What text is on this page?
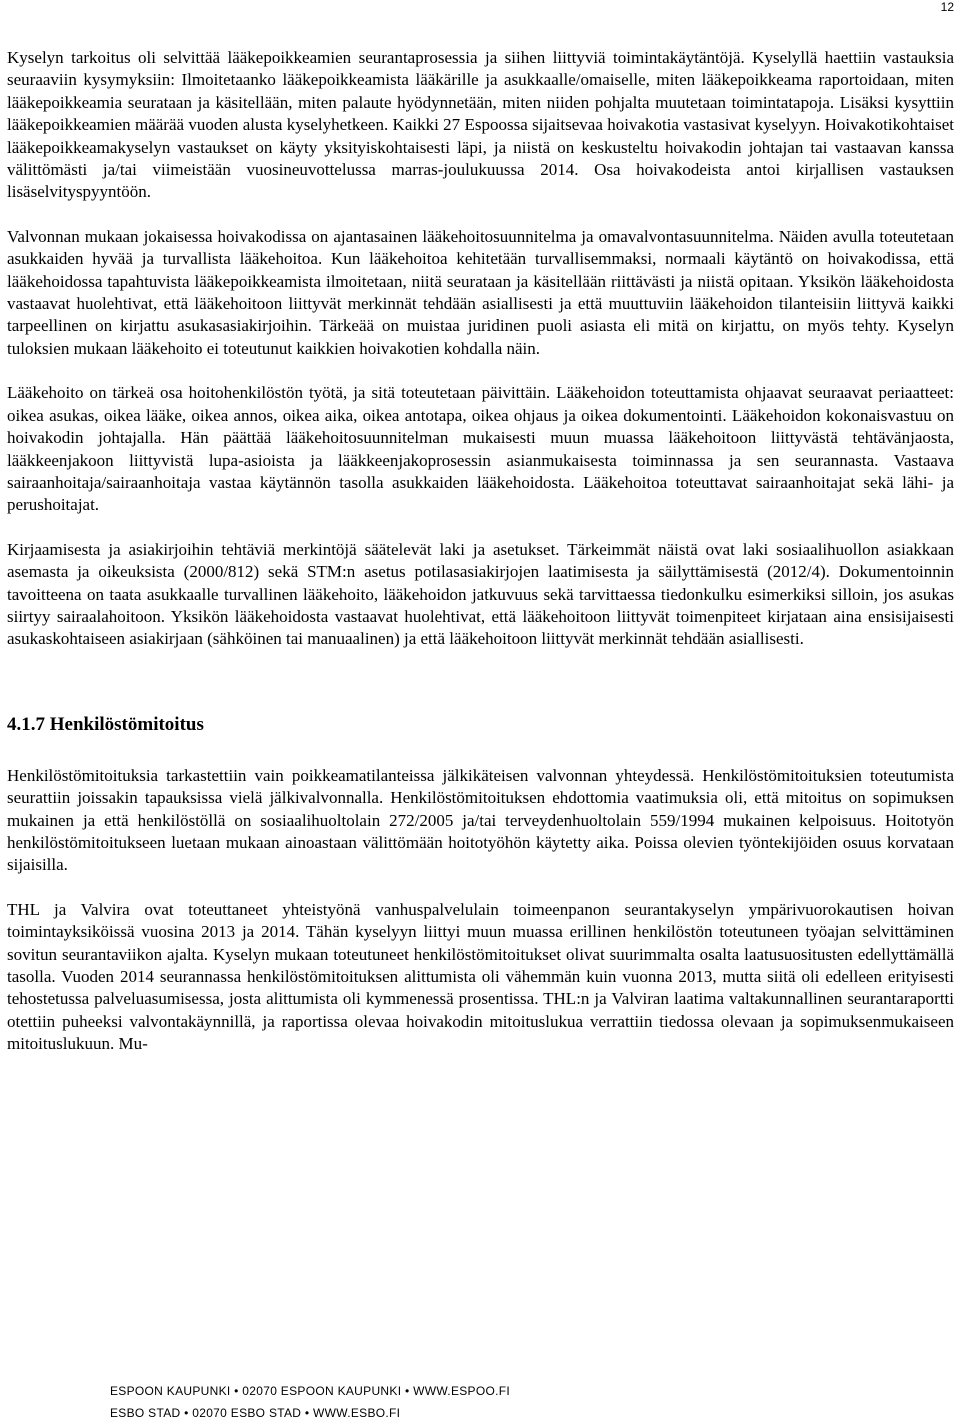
12

Kyselyn tarkoitus oli selvittää lääkepoikkeamien seurantaprosessia ja siihen liittyviä toimintakäytäntöjä. Kyselyllä haettiin vastauksia seuraaviin kysymyksiin: Ilmoitetaanko lääkepoikkeamista lääkärille ja asukkaalle/omaiselle, miten lääkepoikkeama raportoidaan, miten lääkepoikkeamia seurataan ja käsitellään, miten palaute hyödynnetään, miten niiden pohjalta muutetaan toimintatapoja. Lisäksi kysyttiin lääkepoikkeamien määrää vuoden alusta kyselyhetkeen. Kaikki 27 Espoossa sijaitsevaa hoivakotia vastasivat kyselyyn. Hoivakotikohtaiset lääkepoikkeamakyselyn vastaukset on käyty yksityiskohtaisesti läpi, ja niistä on keskusteltu hoivakodin johtajan tai vastaavan kanssa välittömästi ja/tai viimeistään vuosineuvottelussa marras-joulukuussa 2014. Osa hoivakodeista antoi kirjallisen vastauksen lisäselvityspyyntöön.

Valvonnan mukaan jokaisessa hoivakodissa on ajantasainen lääkehoitosuunnitelma ja omavalvontasuunnitelma. Näiden avulla toteutetaan asukkaiden hyvää ja turvallista lääkehoitoa. Kun lääkehoitoa kehitetään turvallisemmaksi, normaali käytäntö on hoivakodissa, että lääkehoidossa tapahtuvista lääkepoikkeamista ilmoitetaan, niitä seurataan ja käsitellään riittävästi ja niistä opitaan. Yksikön lääkehoidosta vastaavat huolehtivat, että lääkehoitoon liittyvät merkinnät tehdään asiallisesti ja että muuttuviin lääkehoidon tilanteisiin liittyvä kaikki tarpeellinen on kirjattu asukasasiakirjoihin. Tärkeää on muistaa juridinen puoli asiasta eli mitä on kirjattu, on myös tehty. Kyselyn tuloksien mukaan lääkehoito ei toteutunut kaikkien hoivakotien kohdalla näin.

Lääkehoito on tärkeä osa hoitohenkilöstön työtä, ja sitä toteutetaan päivittäin. Lääkehoidon toteuttamista ohjaavat seuraavat periaatteet: oikea asukas, oikea lääke, oikea annos, oikea aika, oikea antotapa, oikea ohjaus ja oikea dokumentointi. Lääkehoidon kokonaisvastuu on hoivakodin johtajalla. Hän päättää lääkehoitosuunnitelman mukaisesti muun muassa lääkehoitoon liittyvästä tehtävänjaosta, lääkkeenjakoon liittyvistä lupa-asioista ja lääkkeenjakoprosessin asianmukaisesta toiminnassa ja sen seurannasta. Vastaava sairaanhoitaja/sairaanhoitaja vastaa käytännön tasolla asukkaiden lääkehoidosta. Lääkehoitoa toteuttavat sairaanhoitajat sekä lähi- ja perushoitajat.

Kirjaamisesta ja asiakirjoihin tehtäviä merkintöjä säätelevät laki ja asetukset. Tärkeimmät näistä ovat laki sosiaalihuollon asiakkaan asemasta ja oikeuksista (2000/812) sekä STM:n asetus potilasasiakirjojen laatimisesta ja säilyttämisestä (2012/4). Dokumentoinnin tavoitteena on taata asukkaalle turvallinen lääkehoito, lääkehoidon jatkuvuus sekä tarvittaessa tiedonkulku esimerkiksi silloin, jos asukas siirtyy sairaalahoitoon. Yksikön lääkehoidosta vastaavat huolehtivat, että lääkehoitoon liittyvät toimenpiteet kirjataan aina ensisijaisesti asukaskohtaiseen asiakirjaan (sähköinen tai manuaalinen) ja että lääkehoitoon liittyvät merkinnät tehdään asiallisesti.

4.1.7 Henkilöstömitoitus

Henkilöstömitoituksia tarkastettiin vain poikkeamatilanteissa jälkikäteisen valvonnan yhteydessä. Henkilöstömitoituksien toteutumista seurattiin joissakin tapauksissa vielä jälkivalvonnalla. Henkilöstömitoituksen ehdottomia vaatimuksia oli, että mitoitus on sopimuksen mukainen ja että henkilöstöllä on sosiaalihuoltolain 272/2005 ja/tai terveydenhuoltolain 559/1994 mukainen kelpoisuus. Hoitotyön henkilöstömitoitukseen luetaan mukaan ainoastaan välittömään hoitotyöhön käytetty aika. Poissa olevien työntekijöiden osuus korvataan sijaisilla.

THL ja Valvira ovat toteuttaneet yhteistyönä vanhuspalvelulain toimeenpanon seurantakyselyn ympärivuorokautisen hoivan toimintayksiköissä vuosina 2013 ja 2014. Tähän kyselyyn liittyi muun muassa erillinen henkilöstön toteutuneen työajan selvittäminen sovitun seurantaviikon ajalta. Kyselyn mukaan toteutuneet henkilöstömitoitukset olivat suurimmalta osalta laatusuositusten edellyttämällä tasolla. Vuoden 2014 seurannassa henkilöstömitoituksen alittumista oli vähemmän kuin vuonna 2013, mutta siitä oli edelleen erityisesti tehostetussa palveluasumisessa, josta alittumista oli kymmenessä prosentissa. THL:n ja Valviran laatima valtakunnallinen seurantaraportti otettiin puheeksi valvontakäynnillä, ja raportissa olevaa hoivakodin mitoituslukua verrattiin tiedossa olevaan ja sopimuksenmukaiseen mitoituslukuun. Mu-

ESPOON KAUPUNKI • 02070 ESPOON KAUPUNKI • WWW.ESPOO.FI
ESBO STAD • 02070 ESBO STAD • WWW.ESBO.FI
